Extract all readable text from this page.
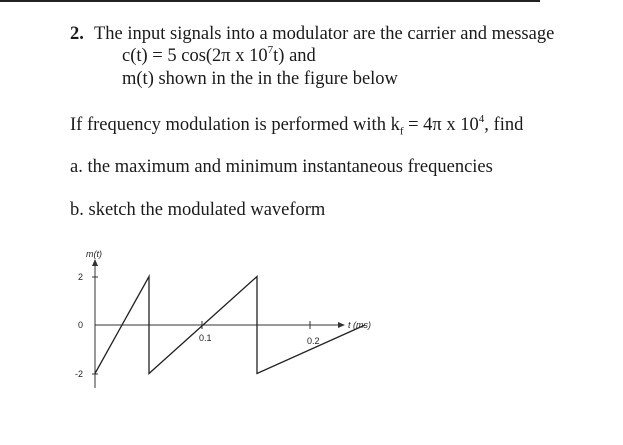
2. The input signals into a modulator are the carrier and message
c(t) = 5 cos(2π x $10^7t$) and
m(t) shown in the in the figure below
If frequency modulation is performed with $k_f = 4\pi$ x $10^4$, find
a. the maximum and minimum instantaneous frequencies
b. sketch the modulated waveform
m(t)
t (ms)
2
0
-2
0.1	0.2
